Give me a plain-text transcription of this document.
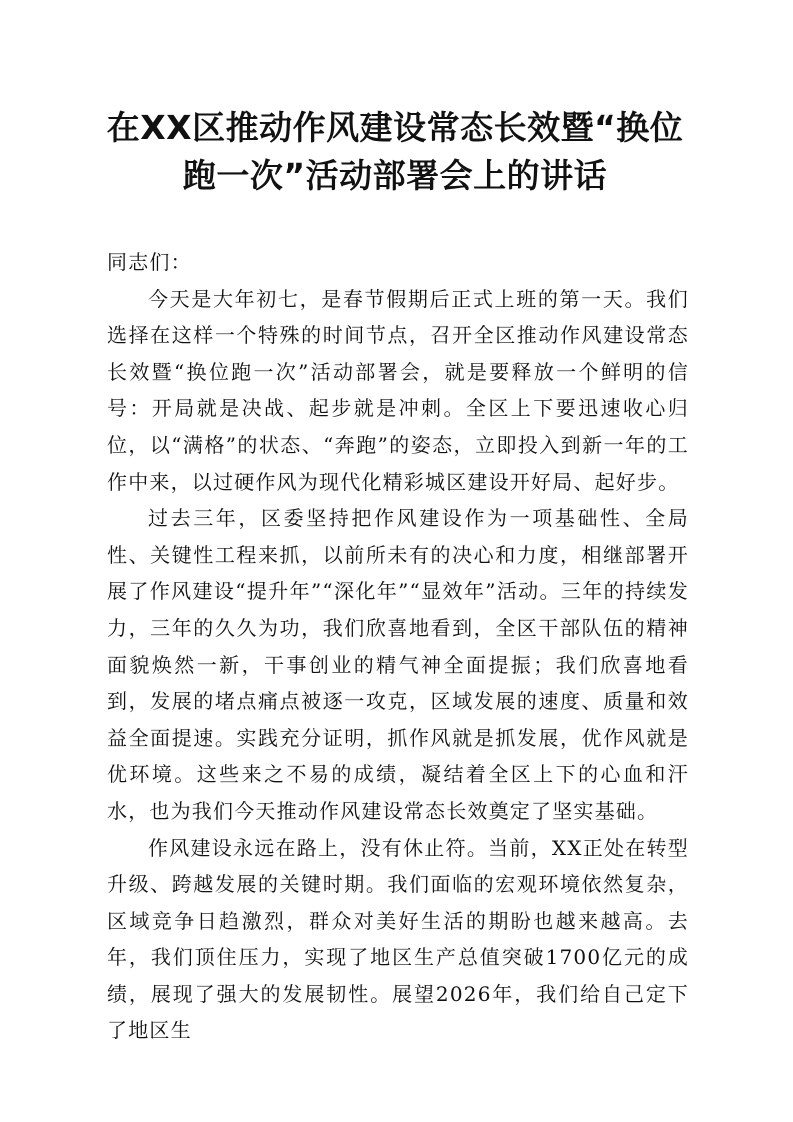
在XX区推动作风建设常态长效暨“换位
跑一次”活动部署会上的讲话

同志们：

今天是大年初七，是春节假期后正式上班的第一天。我们选择在这样一个特殊的时间节点，召开全区推动作风建设常态长效暨“换位跑一次”活动部署会，就是要释放一个鲜明的信号：开局就是决战、起步就是冲刺。全区上下要迅速收心归位，以“满格”的状态、“奔跑”的姿态，立即投入到新一年的工作中来，以过硬作风为现代化精彩城区建设开好局、起好步。

过去三年，区委坚持把作风建设作为一项基础性、全局性、关键性工程来抓，以前所未有的决心和力度，相继部署开展了作风建设“提升年”“深化年”“显效年”活动。三年的持续发力，三年的久久为功，我们欣喜地看到，全区干部队伍的精神面貌焕然一新，干事创业的精气神全面提振；我们欣喜地看到，发展的堵点痛点被逐一攻克，区域发展的速度、质量和效益全面提速。实践充分证明，抓作风就是抓发展，优作风就是优环境。这些来之不易的成绩，凝结着全区上下的心血和汗水，也为我们今天推动作风建设常态长效奠定了坚实基础。

作风建设永远在路上，没有休止符。当前，XX正处在转型升级、跨越发展的关键时期。我们面临的宏观环境依然复杂，区域竞争日趋激烈，群众对美好生活的期盼也越来越高。去年，我们顶住压力，实现了地区生产总值突破1700亿元的成绩，展现了强大的发展韧性。展望2026年，我们给自己定下了地区生
